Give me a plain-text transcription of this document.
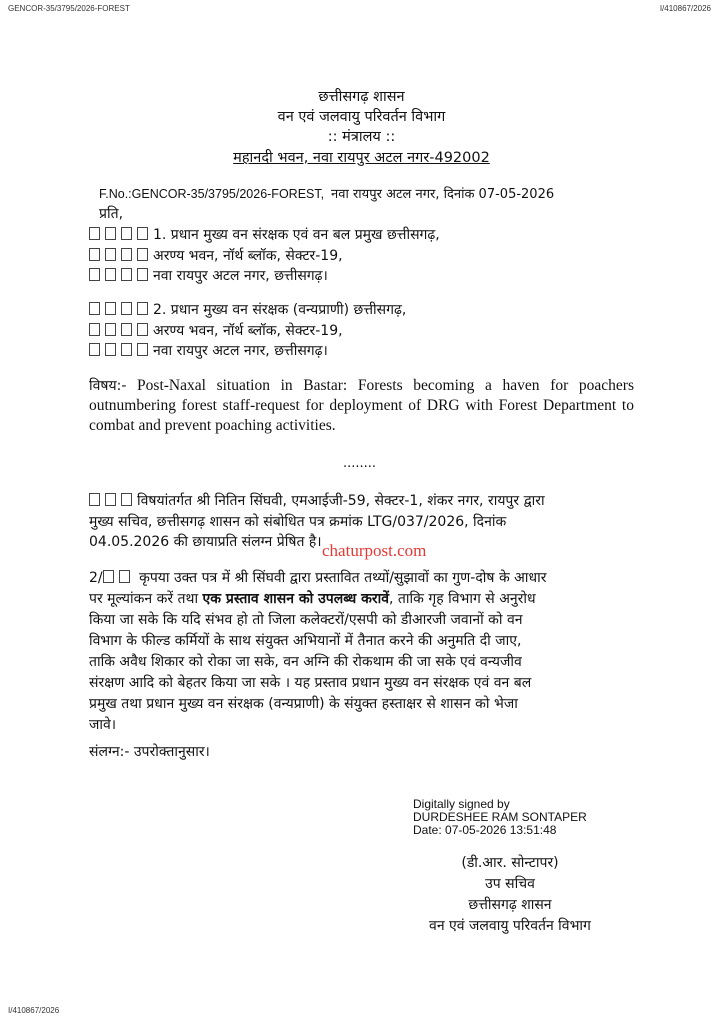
GENCOR-35/3795/2026-FOREST	I/410867/2026
छत्तीसगढ़ शासन
वन एवं जलवायु परिवर्तन विभाग
:: मंत्रालय ::
महानदी भवन, नवा रायपुर अटल नगर-492002
F.No.:GENCOR-35/3795/2026-FOREST, नवा रायपुर अटल नगर, दिनांक 07-05-2026
प्रति,
1. प्रधान मुख्य वन संरक्षक एवं वन बल प्रमुख छत्तीसगढ़,
अरण्य भवन, नॉर्थ ब्लॉक, सेक्टर-19,
नवा रायपुर अटल नगर, छत्तीसगढ़।
2. प्रधान मुख्य वन संरक्षक (वन्यप्राणी) छत्तीसगढ़,
अरण्य भवन, नॉर्थ ब्लॉक, सेक्टर-19,
नवा रायपुर अटल नगर, छत्तीसगढ़।
विषय:- Post-Naxal situation in Bastar: Forests becoming a haven for poachers outnumbering forest staff-request for deployment of DRG with Forest Department to combat and prevent poaching activities.
........
विषयांतर्गत श्री नितिन सिंघवी, एमआईजी-59, सेक्टर-1, शंकर नगर, रायपुर द्वारा
मुख्य सचिव, छत्तीसगढ़ शासन को संबोधित पत्र क्रमांक LTG/037/2026, दिनांक
04.05.2026 की छायाप्रति संलग्न प्रेषित है। chaturpost.com
2/	कृपया उक्त पत्र में श्री सिंघवी द्वारा प्रस्तावित तथ्यों/सुझावों का गुण-दोष के आधार
पर मूल्यांकन करें तथा एक प्रस्ताव शासन को उपलब्ध करावें, ताकि गृह विभाग से अनुरोध
किया जा सके कि यदि संभव हो तो जिला कलेक्टरों/एसपी को डीआरजी जवानों को वन
विभाग के फील्ड कर्मियों के साथ संयुक्त अभियानों में तैनात करने की अनुमति दी जाए,
ताकि अवैध शिकार को रोका जा सके, वन अग्नि की रोकथाम की जा सके एवं वन्यजीव
संरक्षण आदि को बेहतर किया जा सके । यह प्रस्ताव प्रधान मुख्य वन संरक्षक एवं वन बल
प्रमुख तथा प्रधान मुख्य वन संरक्षक (वन्यप्राणी) के संयुक्त हस्ताक्षर से शासन को भेजा
जावे।
संलग्न:- उपरोक्तानुसार।
Digitally signed by
DURDESHEE RAM SONTAPER
Date: 07-05-2026 13:51:48
(डी.आर. सोन्टापर)
उप सचिव
छत्तीसगढ़ शासन
वन एवं जलवायु परिवर्तन विभाग
I/410867/2026
